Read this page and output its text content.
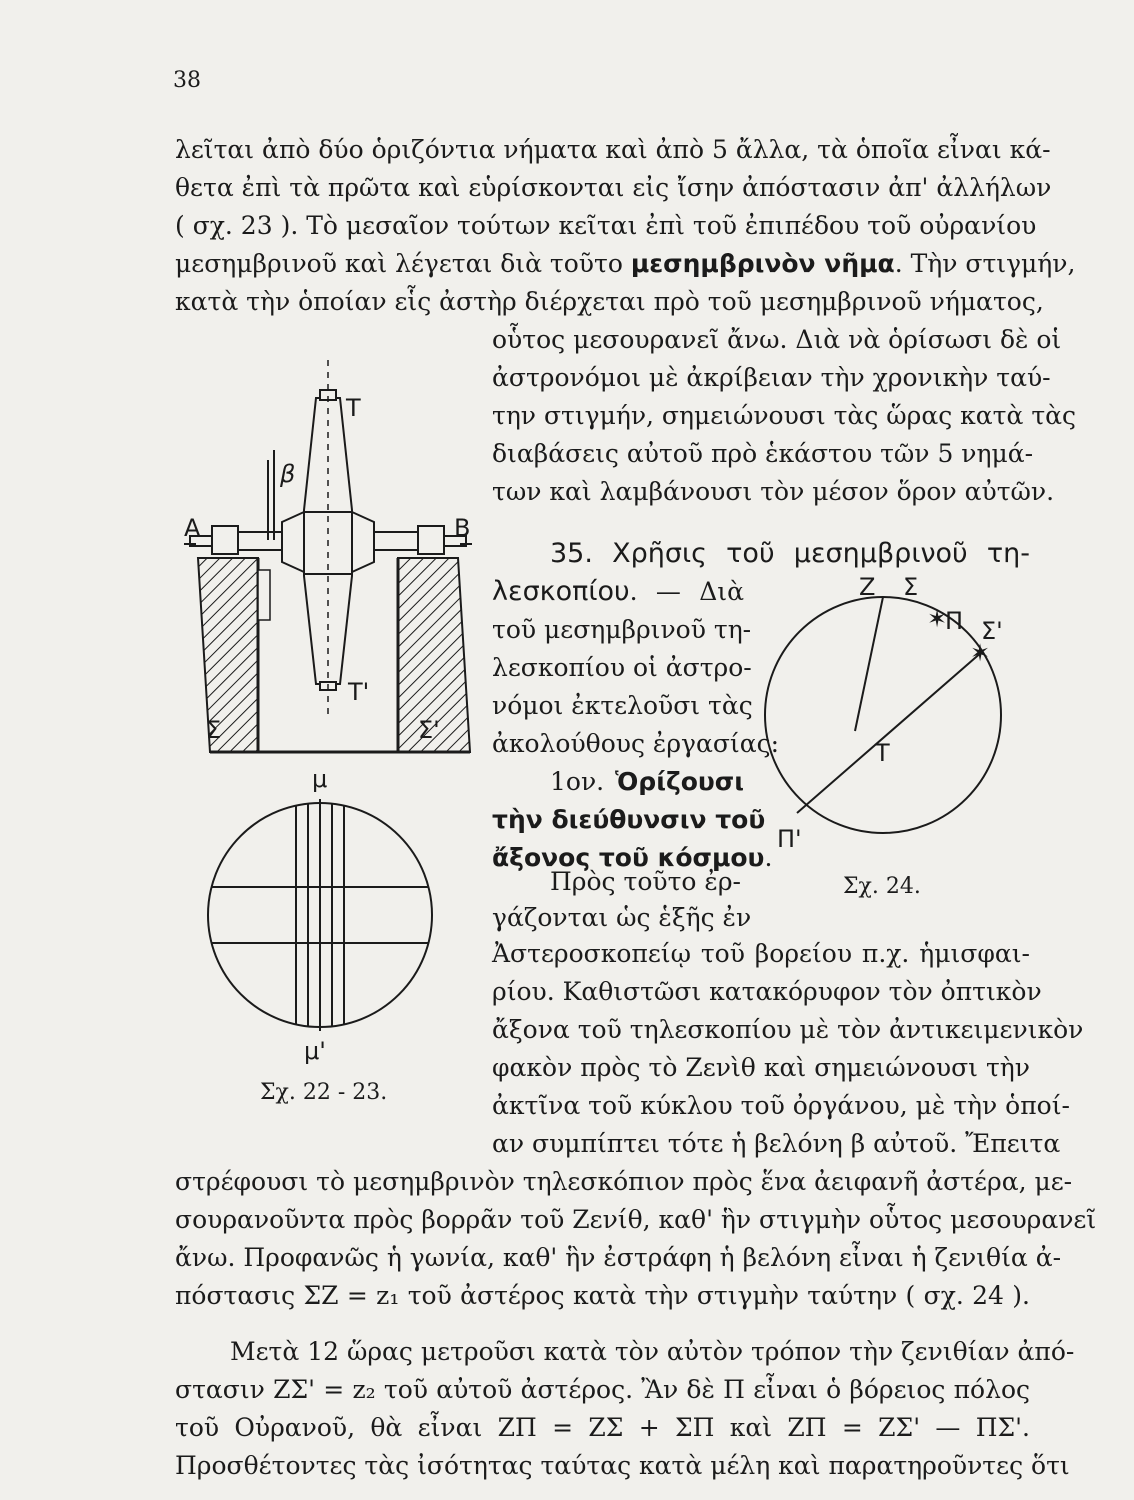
38
λεῖται ἀπὸ δύο ὁριζόντια νήματα καὶ ἀπὸ 5 ἄλλα, τὰ ὁποῖα εἶναι κά-
θετα ἐπὶ τὰ πρῶτα καὶ εὑρίσκονται εἰς ἴσην ἀπόστασιν ἀπ' ἀλλήλων
( σχ. 23 ). Τὸ μεσαῖον τούτων κεῖται ἐπὶ τοῦ ἐπιπέδου τοῦ οὐρανίου
μεσημβρινοῦ καὶ λέγεται διὰ τοῦτο μεσημβρινὸν νῆμα. Τὴν στιγμήν,
κατὰ τὴν ὁποίαν εἷς ἀστὴρ διέρχεται πρὸ τοῦ μεσημβρινοῦ νήματος,
οὗτος μεσουρανεῖ ἄνω. Διὰ νὰ ὁρίσωσι δὲ οἱ
ἀστρονόμοι μὲ ἀκρίβειαν τὴν χρονικὴν ταύ-
την στιγμήν, σημειώνουσι τὰς ὥρας κατὰ τὰς
διαβάσεις αὐτοῦ πρὸ ἑκάστου τῶν 5 νημά-
των καὶ λαμβάνουσι τὸν μέσον ὅρον αὐτῶν.
35. Χρῆσις τοῦ μεσημβρινοῦ τη-
λεσκοπίου. — Διὰ
τοῦ μεσημβρινοῦ τη-
λεσκοπίου οἱ ἀστρο-
νόμοι ἐκτελοῦσι τὰς
ἀκολούθους ἐργασίας:
1ον. Ὁρίζουσι
τὴν διεύθυνσιν τοῦ
ἄξονος τοῦ κόσμου.
Πρὸς τοῦτο ἐρ-
γάζονται ὡς ἑξῆς ἐν
Ἀστεροσκοπείῳ τοῦ βορείου π.χ. ἡμισφαι-
ρίου. Καθιστῶσι κατακόρυφον τὸν ὀπτικὸν
ἄξονα τοῦ τηλεσκοπίου μὲ τὸν ἀντικειμενικὸν
φακὸν πρὸς τὸ Ζενὶθ καὶ σημειώνουσι τὴν
ἀκτῖνα τοῦ κύκλου τοῦ ὀργάνου, μὲ τὴν ὁποί-
αν συμπίπτει τότε ἡ βελόνη β αὐτοῦ. Ἔπειτα
στρέφουσι τὸ μεσημβρινὸν τηλεσκόπιον πρὸς ἕνα ἀειφανῆ ἀστέρα, με-
σουρανοῦντα πρὸς βορρᾶν τοῦ Ζενίθ, καθ' ἣν στιγμὴν οὗτος μεσουρανεῖ
ἄνω. Προφανῶς ἡ γωνία, καθ' ἣν ἐστράφη ἡ βελόνη εἶναι ἡ ζενιθία ἀ-
πόστασις ΣΖ = z₁ τοῦ ἀστέρος κατὰ τὴν στιγμὴν ταύτην ( σχ. 24 ).
Μετὰ 12 ὥρας μετροῦσι κατὰ τὸν αὐτὸν τρόπον τὴν ζενιθίαν ἀπό-
στασιν ΖΣ' = z₂ τοῦ αὐτοῦ ἀστέρος. Ἂν δὲ Π εἶναι ὁ βόρειος πόλος
τοῦ Οὐρανοῦ, θὰ εἶναι ΖΠ = ΖΣ + ΣΠ καὶ ΖΠ = ΖΣ' — ΠΣ'.
Προσθέτοντες τὰς ἰσότητας ταύτας κατὰ μέλη καὶ παρατηροῦντες ὅτι
T
T'
A	B
β
Σ	Σ'
μ
μ'
Σχ. 22 - 23.
✶
✶
Z Σ
Π Σ'
T
Π'
Σχ. 24.
